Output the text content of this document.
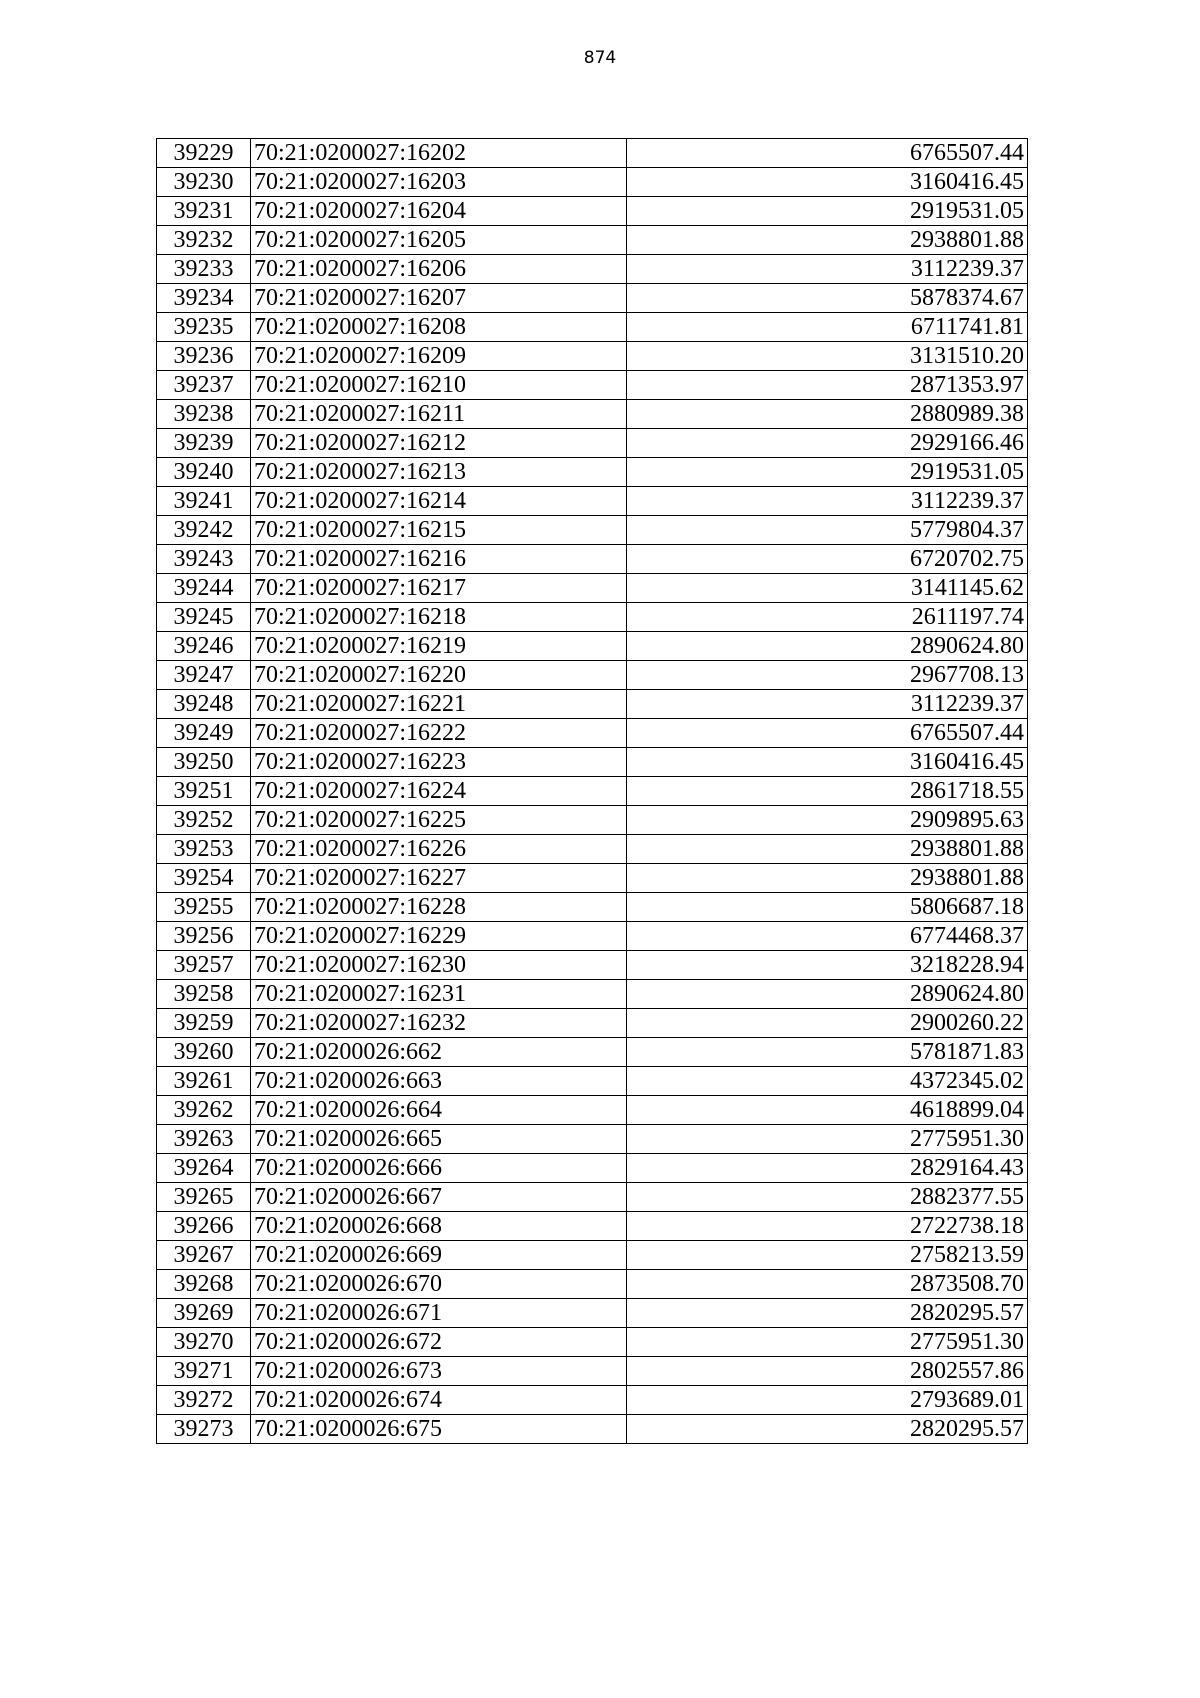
874
39229	70:21:0200027:16202	6765507.44
39230	70:21:0200027:16203	3160416.45
39231	70:21:0200027:16204	2919531.05
39232	70:21:0200027:16205	2938801.88
39233	70:21:0200027:16206	3112239.37
39234	70:21:0200027:16207	5878374.67
39235	70:21:0200027:16208	6711741.81
39236	70:21:0200027:16209	3131510.20
39237	70:21:0200027:16210	2871353.97
39238	70:21:0200027:16211	2880989.38
39239	70:21:0200027:16212	2929166.46
39240	70:21:0200027:16213	2919531.05
39241	70:21:0200027:16214	3112239.37
39242	70:21:0200027:16215	5779804.37
39243	70:21:0200027:16216	6720702.75
39244	70:21:0200027:16217	3141145.62
39245	70:21:0200027:16218	2611197.74
39246	70:21:0200027:16219	2890624.80
39247	70:21:0200027:16220	2967708.13
39248	70:21:0200027:16221	3112239.37
39249	70:21:0200027:16222	6765507.44
39250	70:21:0200027:16223	3160416.45
39251	70:21:0200027:16224	2861718.55
39252	70:21:0200027:16225	2909895.63
39253	70:21:0200027:16226	2938801.88
39254	70:21:0200027:16227	2938801.88
39255	70:21:0200027:16228	5806687.18
39256	70:21:0200027:16229	6774468.37
39257	70:21:0200027:16230	3218228.94
39258	70:21:0200027:16231	2890624.80
39259	70:21:0200027:16232	2900260.22
39260	70:21:0200026:662	5781871.83
39261	70:21:0200026:663	4372345.02
39262	70:21:0200026:664	4618899.04
39263	70:21:0200026:665	2775951.30
39264	70:21:0200026:666	2829164.43
39265	70:21:0200026:667	2882377.55
39266	70:21:0200026:668	2722738.18
39267	70:21:0200026:669	2758213.59
39268	70:21:0200026:670	2873508.70
39269	70:21:0200026:671	2820295.57
39270	70:21:0200026:672	2775951.30
39271	70:21:0200026:673	2802557.86
39272	70:21:0200026:674	2793689.01
39273	70:21:0200026:675	2820295.57
